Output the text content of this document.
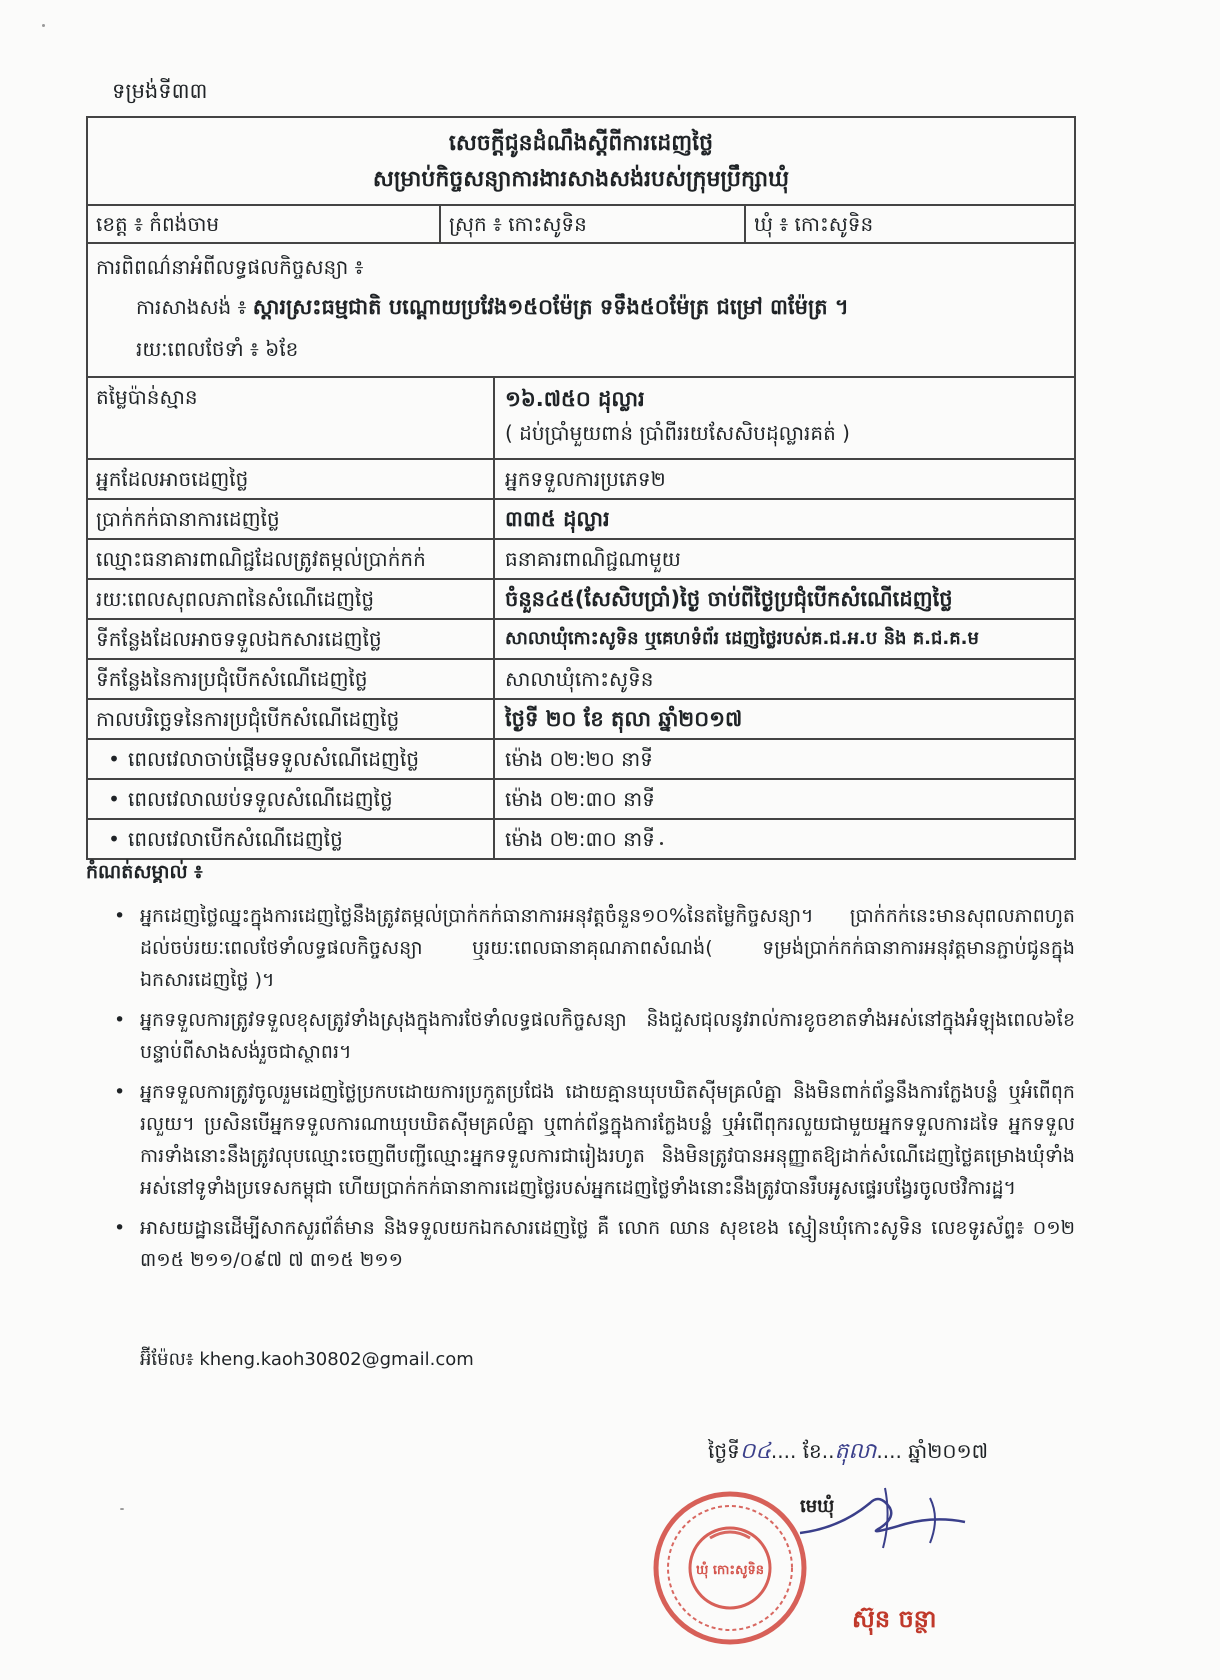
ទម្រង់ទី៣៣
សេចក្តីជូនដំណឹងស្តីពីការដេញថ្លៃ
សម្រាប់កិច្ចសន្យាការងារសាងសង់របស់ក្រុមប្រឹក្សាឃុំ
ខេត្ត ៖ កំពង់ចាម	ស្រុក ៖ កោះសូទិន	ឃុំ ៖ កោះសូទិន
ការពិពណ៌នាអំពីលទ្ធផលកិច្ចសន្យា ៖
ការសាងសង់ ៖ ស្តារស្រះធម្មជាតិ បណ្តោយប្រវែង១៥០ម៉ែត្រ ទទឹង៥០ម៉ែត្រ ជម្រៅ ៣ម៉ែត្រ ។
រយៈពេលថែទាំ ៖ ៦ខែ
តម្លៃប៉ាន់ស្មាន	១៦.៧៥០ ដុល្លារ
( ដប់ប្រាំមួយពាន់ ប្រាំពីររយសែសិបដុល្លារគត់ )
អ្នកដែលអាចដេញថ្លៃ	អ្នកទទួលការប្រភេទ២
ប្រាក់កក់ធានាការដេញថ្លៃ	៣៣៥ ដុល្លារ
ឈ្មោះធនាគារពាណិជ្ជដែលត្រូវតម្កល់ប្រាក់កក់	ធនាគារពាណិជ្ជណាមួយ
រយៈពេលសុពលភាពនៃសំណើដេញថ្លៃ	ចំនួន៤៥(សែសិបប្រាំ)ថ្ងៃ ចាប់ពីថ្ងៃប្រជុំបើកសំណើដេញថ្លៃ
ទីកន្លែងដែលអាចទទួលឯកសារដេញថ្លៃ	សាលាឃុំកោះសូទិន ឬគេហទំព័រ ដេញថ្លៃរបស់គ.ជ.អ.ប និង គ.ជ.គ.ម
ទីកន្លែងនៃការប្រជុំបើកសំណើដេញថ្លៃ	សាលាឃុំកោះសូទិន
កាលបរិច្ឆេទនៃការប្រជុំបើកសំណើដេញថ្លៃ	ថ្ងៃទី ២០ ខែ តុលា ឆ្នាំ២០១៧
• ពេលវេលាចាប់ផ្តើមទទួលសំណើដេញថ្លៃ	ម៉ោង ០២:២០ នាទី
• ពេលវេលាឈប់ទទួលសំណើដេញថ្លៃ	ម៉ោង ០២:៣០ នាទី
• ពេលវេលាបើកសំណើដេញថ្លៃ	ម៉ោង ០២:៣០ នាទី
កំណត់សម្គាល់ ៖
• អ្នកដេញថ្លៃឈ្នះក្នុងការដេញថ្លៃនឹងត្រូវតម្កល់ប្រាក់កក់ធានាការអនុវត្តចំនួន១០%នៃតម្លៃកិច្ចសន្យា។ ប្រាក់កក់នេះមានសុពលភាពហូតដល់ចប់រយៈពេលថែទាំលទ្ធផលកិច្ចសន្យា ឬរយៈពេលធានាគុណភាពសំណង់( ទម្រង់ប្រាក់កក់ធានាការអនុវត្តមានភ្ជាប់ជូនក្នុងឯកសារដេញថ្លៃ )។
• អ្នកទទួលការត្រូវទទួលខុសត្រូវទាំងស្រុងក្នុងការថែទាំលទ្ធផលកិច្ចសន្យា និងជួសជុលនូវរាល់ការខូចខាតទាំងអស់នៅក្នុងអំឡុងពេល៦ខែ បន្ទាប់ពីសាងសង់រួចជាស្ថាពរ។
• អ្នកទទួលការត្រូវចូលរួមដេញថ្លៃប្រកបដោយការប្រកួតប្រជែង ដោយគ្មានឃុបឃិតស៊ីមគ្រលំគ្នា និងមិនពាក់ព័ន្ធនឹងការក្លែងបន្លំ ឬអំពើពុករលួយ។ ប្រសិនបើអ្នកទទួលការណាឃុបឃិតស៊ីមគ្រលំគ្នា ឬពាក់ព័ន្ធក្នុងការក្លែងបន្លំ ឬអំពើពុករលួយជាមួយអ្នកទទួលការដទៃ អ្នកទទួលការទាំងនោះនឹងត្រូវលុបឈ្មោះចេញពីបញ្ជីឈ្មោះអ្នកទទួលការជារៀងរហូត និងមិនត្រូវបានអនុញ្ញាតឱ្យដាក់សំណើដេញថ្លៃគម្រោងឃុំទាំងអស់នៅទូទាំងប្រទេសកម្ពុជា ហើយប្រាក់កក់ធានាការដេញថ្លៃរបស់អ្នកដេញថ្លៃទាំងនោះនឹងត្រូវបានរឹបអូសផ្ទេរបង្វែរចូលថវិការដ្ឋ។
• អាសយដ្ឋានដើម្បីសាកសួរព័ត៌មាន និងទទួលយកឯកសារដេញថ្លៃ គឺ លោក ឈាន សុខខេង ស្មៀនឃុំកោះសូទិន លេខទូរស័ព្ទ៖ ០១២ ៣១៥ ២១១/០៩៧ ៧ ៣១៥ ២១១
អ៊ីម៉ែល៖ kheng.kaoh30802@gmail.com
ថ្ងៃទី០៤.... ខែ..តុលា.... ឆ្នាំ២០១៧
ឃុំ កោះសូទិន
មេឃុំ
ស៊ុន ចន្ថា
